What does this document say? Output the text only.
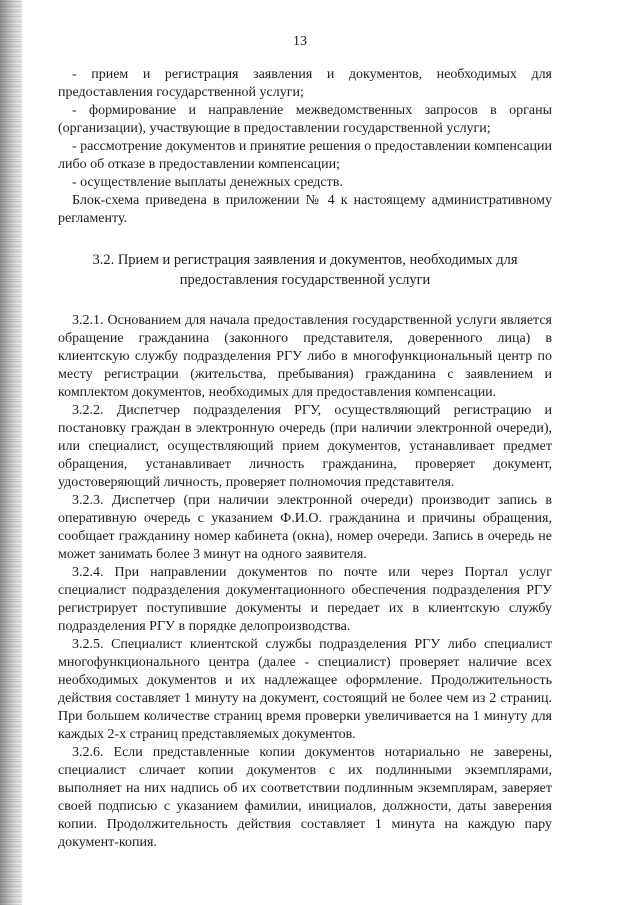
13

- прием и регистрация заявления и документов, необходимых для предоставления государственной услуги;

- формирование и направление межведомственных запросов в органы (организации), участвующие в предоставлении государственной услуги;

- рассмотрение документов и принятие решения о предоставлении компенсации либо об отказе в предоставлении компенсации;

- осуществление выплаты денежных средств.

Блок-схема приведена в приложении № 4 к настоящему административному регламенту.

3.2. Прием и регистрация заявления и документов, необходимых для предоставления государственной услуги

3.2.1. Основанием для начала предоставления государственной услуги является обращение гражданина (законного представителя, доверенного лица) в клиентскую службу подразделения РГУ либо в многофункциональный центр по месту регистрации (жительства, пребывания) гражданина с заявлением и комплектом документов, необходимых для предоставления компенсации.

3.2.2. Диспетчер подразделения РГУ, осуществляющий регистрацию и постановку граждан в электронную очередь (при наличии электронной очереди), или специалист, осуществляющий прием документов, устанавливает предмет обращения, устанавливает личность гражданина, проверяет документ, удостоверяющий личность, проверяет полномочия представителя.

3.2.3. Диспетчер (при наличии электронной очереди) производит запись в оперативную очередь с указанием Ф.И.О. гражданина и причины обращения, сообщает гражданину номер кабинета (окна), номер очереди. Запись в очередь не может занимать более 3 минут на одного заявителя.

3.2.4. При направлении документов по почте или через Портал услуг специалист подразделения документационного обеспечения подразделения РГУ регистрирует поступившие документы и передает их в клиентскую службу подразделения РГУ в порядке делопроизводства.

3.2.5. Специалист клиентской службы подразделения РГУ либо специалист многофункционального центра (далее - специалист) проверяет наличие всех необходимых документов и их надлежащее оформление. Продолжительность действия составляет 1 минуту на документ, состоящий не более чем из 2 страниц. При большем количестве страниц время проверки увеличивается на 1 минуту для каждых 2-х страниц представляемых документов.

3.2.6. Если представленные копии документов нотариально не заверены, специалист сличает копии документов с их подлинными экземплярами, выполняет на них надпись об их соответствии подлинным экземплярам, заверяет своей подписью с указанием фамилии, инициалов, должности, даты заверения копии. Продолжительность действия составляет 1 минута на каждую пару документ-копия.
